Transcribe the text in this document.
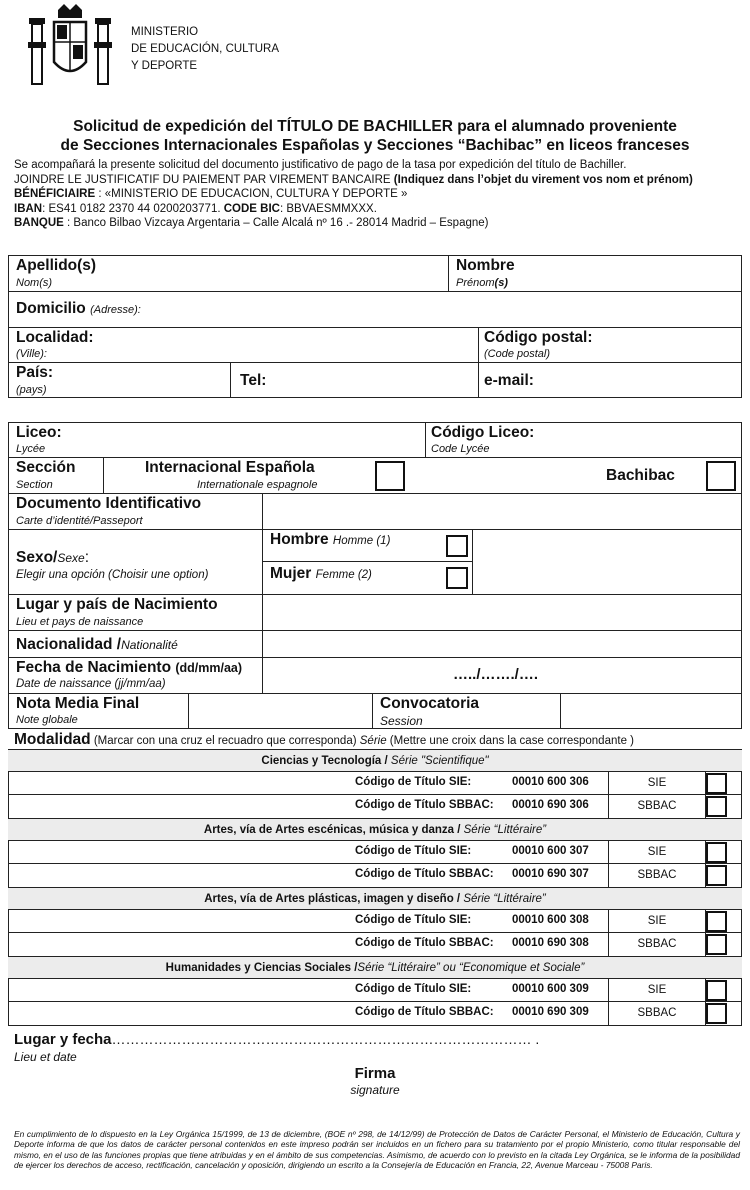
MINISTERIO
DE EDUCACIÓN, CULTURA
Y DEPORTE
Solicitud de expedición del TÍTULO DE BACHILLER para el alumnado proveniente
de Secciones Internacionales Españolas y Secciones “Bachibac” en liceos franceses
Se acompañará la presente solicitud del documento justificativo de pago de la tasa por expedición del título de Bachiller.
JOINDRE LE JUSTIFICATIF DU PAIEMENT PAR VIREMENT BANCAIRE (Indiquez dans l’objet du virement vos nom et prénom)
BÉNÉFICIAIRE : «MINISTERIO DE EDUCACION, CULTURA Y DEPORTE »
IBAN: ES41 0182 2370 44 0200203771. CODE BIC: BBVAESMMXXX.
BANQUE : Banco Bilbao Vizcaya Argentaria – Calle Alcalá nº 16 .- 28014 Madrid – Espagne)
Apellido(s)
Nom(s)
Nombre
Prénom(s)
Domicilio (Adresse):
Localidad:
(Ville):
Código postal:
(Code postal)
País:
(pays)
Tel:	e-mail:
Liceo:
Lycée
Código Liceo:
Code Lycée
Sección
Section
Internacional Española
Internationale espagnole
Bachibac
Documento Identificativo
Carte d’identité/Passeport
Sexo/Sexe:
Elegir una opción (Choisir une option)
Hombre Homme (1)
Mujer Femme (2)
Lugar y país de Nacimiento
Lieu et pays de naissance
Nacionalidad /Nationalité
Fecha de Nacimiento (dd/mm/aa)
Date de naissance (jj/mm/aa)
…../……./….
Nota Media Final
Note globale
Convocatoria
Session
Modalidad (Marcar con una cruz el recuadro que corresponda) Série (Mettre une croix dans la case correspondante )
Ciencias y Tecnología / Série "Scientifique"
Código de Título SIE:	00010 600 306	SIE
Código de Título SBBAC: 00010 690 306	SBBAC
Artes, vía de Artes escénicas, música y danza / Série “Littéraire”
Código de Título SIE:	00010 600 307	SIE
Código de Título SBBAC: 00010 690 307	SBBAC
Artes, vía de Artes plásticas, imagen y diseño / Série “Littéraire”
Código de Título SIE:	00010 600 308	SIE
Código de Título SBBAC: 00010 690 308	SBBAC
Humanidades y Ciencias Sociales /Série “Littéraire” ou “Economique et Sociale”
Código de Título SIE:	00010 600 309	SIE
Código de Título SBBAC: 00010 690 309	SBBAC
Lugar y fecha……………………………………………………………………………… .
Lieu et date
Firma
signature
En cumplimiento de lo dispuesto en la Ley Orgánica 15/1999, de 13 de diciembre, (BOE nº 298, de 14/12/99) de Protección de Datos de Carácter Personal, el Ministerio de Educación, Cultura y Deporte informa de que los datos de carácter personal contenidos en este impreso podrán ser incluidos en un fichero para su tratamiento por el propio Ministerio, como titular responsable del mismo, en el uso de las funciones propias que tiene atribuidas y en el ámbito de sus competencias. Asimismo, de acuerdo con lo previsto en la citada Ley Orgánica, se le informa de la posibilidad de ejercer los derechos de acceso, rectificación, cancelación y oposición, dirigiendo un escrito a la Consejería de Educación en Francia, 22, Avenue Marceau - 75008 Paris.
